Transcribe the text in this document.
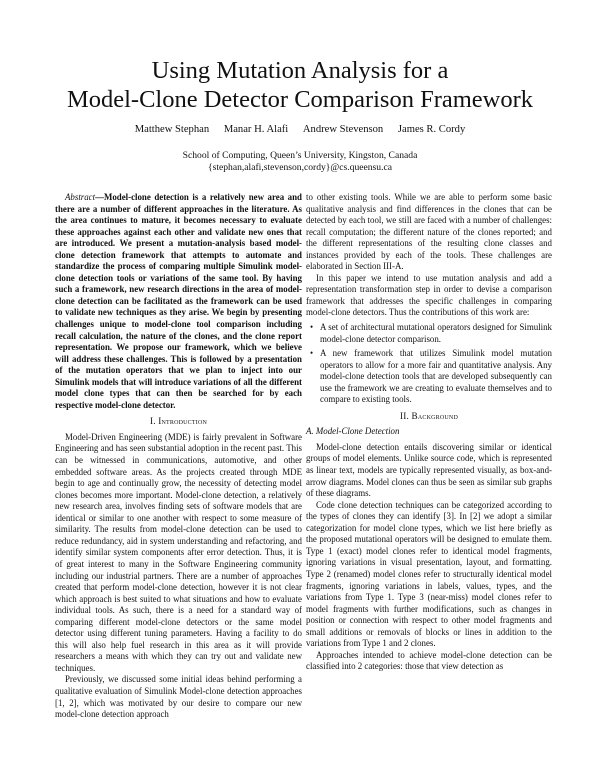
Using Mutation Analysis for a
Model-Clone Detector Comparison Framework
Matthew Stephan Manar H. Alafi Andrew Stevenson James R. Cordy
School of Computing, Queen’s University, Kingston, Canada
{stephan,alafi,stevenson,cordy}@cs.queensu.ca

Abstract—Model-clone detection is a relatively new area and there are a number of different approaches in the literature. As the area continues to mature, it becomes necessary to evaluate these approaches against each other and validate new ones that are introduced. We present a mutation-analysis based model-clone detection framework that attempts to automate and standardize the process of comparing multiple Simulink model-clone detection tools or variations of the same tool. By having such a framework, new research directions in the area of model-clone detection can be facilitated as the framework can be used to validate new techniques as they arise. We begin by presenting challenges unique to model-clone tool comparison including recall calculation, the nature of the clones, and the clone report representation. We propose our framework, which we believe will address these challenges. This is followed by a presentation of the mutation operators that we plan to inject into our Simulink models that will introduce variations of all the different model clone types that can then be searched for by each respective model-clone detector.

I. Introduction

Model-Driven Engineering (MDE) is fairly prevalent in Software Engineering and has seen substantial adoption in the recent past. This can be witnessed in communications, automotive, and other embedded software areas. As the projects created through MDE begin to age and continually grow, the necessity of detecting model clones becomes more important. Model-clone detection, a relatively new research area, involves finding sets of software models that are identical or similar to one another with respect to some measure of similarity. The results from model-clone detection can be used to reduce redundancy, aid in system understanding and refactoring, and identify similar system components after error detection. Thus, it is of great interest to many in the Software Engineering community including our industrial partners. There are a number of approaches created that perform model-clone detection, however it is not clear which approach is best suited to what situations and how to evaluate individual tools. As such, there is a need for a standard way of comparing different model-clone detectors or the same model detector using different tuning parameters. Having a facility to do this will also help fuel research in this area as it will provide researchers a means with which they can try out and validate new techniques.

Previously, we discussed some initial ideas behind performing a qualitative evaluation of Simulink Model-clone detection approaches [1, 2], which was motivated by our desire to compare our new model-clone detection approach

to other existing tools. While we are able to perform some basic qualitative analysis and find differences in the clones that can be detected by each tool, we still are faced with a number of challenges: recall computation; the different nature of the clones reported; and the different representations of the resulting clone classes and instances provided by each of the tools. These challenges are elaborated in Section III-A.

In this paper we intend to use mutation analysis and add a representation transformation step in order to devise a comparison framework that addresses the specific challenges in comparing model-clone detectors. Thus the contributions of this work are:

• A set of architectural mutational operators designed for Simulink model-clone detector comparison.
• A new framework that utilizes Simulink model mutation operators to allow for a more fair and quantitative analysis. Any model-clone detection tools that are developed subsequently can use the framework we are creating to evaluate themselves and to compare to existing tools.
II. Background
A. Model-Clone Detection

Model-clone detection entails discovering similar or identical groups of model elements. Unlike source code, which is represented as linear text, models are typically represented visually, as box-and-arrow diagrams. Model clones can thus be seen as similar sub graphs of these diagrams.

Code clone detection techniques can be categorized according to the types of clones they can identify [3]. In [2] we adopt a similar categorization for model clone types, which we list here briefly as the proposed mutational operators will be designed to emulate them. Type 1 (exact) model clones refer to identical model fragments, ignoring variations in visual presentation, layout, and formatting. Type 2 (renamed) model clones refer to structurally identical model fragments, ignoring variations in labels, values, types, and the variations from Type 1. Type 3 (near-miss) model clones refer to model fragments with further modifications, such as changes in position or connection with respect to other model fragments and small additions or removals of blocks or lines in addition to the variations from Type 1 and 2 clones.

Approaches intended to achieve model-clone detection can be classified into 2 categories: those that view detection as
